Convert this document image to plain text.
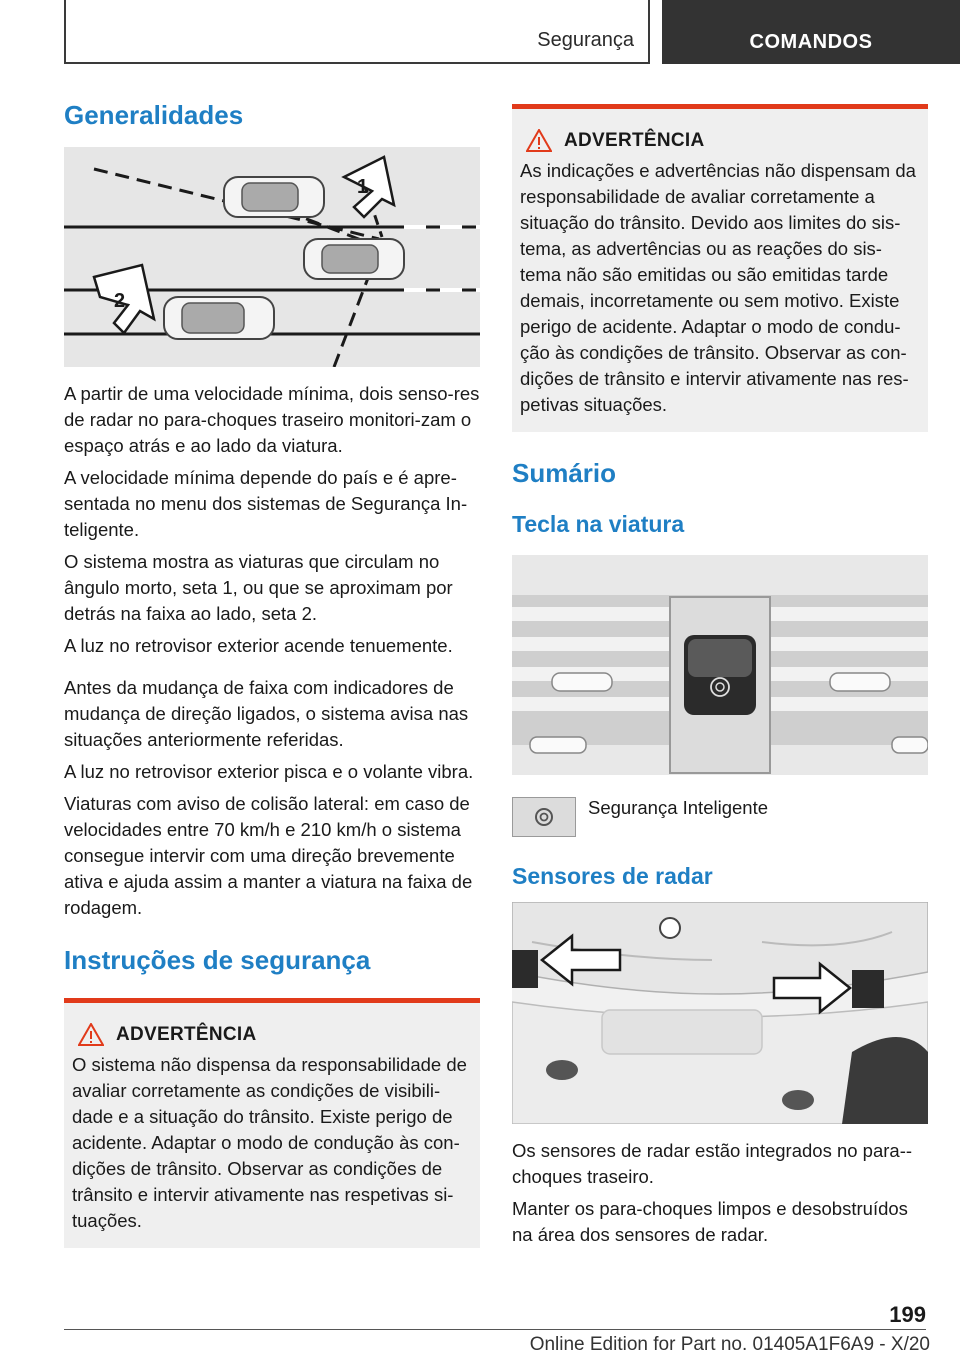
Segurança	COMANDOS
Generalidades
1
2

A partir de uma velocidade mínima, dois senso-res de radar no para-choques traseiro monitori-zam o espaço atrás e ao lado da viatura.

A velocidade mínima depende do país e é apre-sentada no menu dos sistemas de Segurança In-teligente.

O sistema mostra as viaturas que circulam no ângulo morto, seta 1, ou que se aproximam por detrás na faixa ao lado, seta 2.

A luz no retrovisor exterior acende tenuemente.

Antes da mudança de faixa com indicadores de mudança de direção ligados, o sistema avisa nas situações anteriormente referidas.

A luz no retrovisor exterior pisca e o volante vibra.

Viaturas com aviso de colisão lateral: em caso de velocidades entre 70 km/h e 210 km/h o sistema consegue intervir com uma direção brevemente ativa e ajuda assim a manter a viatura na faixa de rodagem.

Instruções de segurança
ADVERTÊNCIA

O sistema não dispensa da responsabilidade de avaliar corretamente as condições de visibili-dade e a situação do trânsito. Existe perigo de acidente. Adaptar o modo de condução às con-dições de trânsito. Observar as condições de trânsito e intervir ativamente nas respetivas si-tuações.

ADVERTÊNCIA

As indicações e advertências não dispensam da responsabilidade de avaliar corretamente a situação do trânsito. Devido aos limites do sis-tema, as advertências ou as reações do sis-tema não são emitidas ou são emitidas tarde demais, incorretamente ou sem motivo. Existe perigo de acidente. Adaptar o modo de condu-ção às condições de trânsito. Observar as con-dições de trânsito e intervir ativamente nas res-petivas situações.

Sumário
Tecla na viatura
Segurança Inteligente
Sensores de radar

Os sensores de radar estão integrados no para--choques traseiro.

Manter os para-choques limpos e desobstruídos na área dos sensores de radar.

199
Online Edition for Part no. 01405A1F6A9 - X/20
